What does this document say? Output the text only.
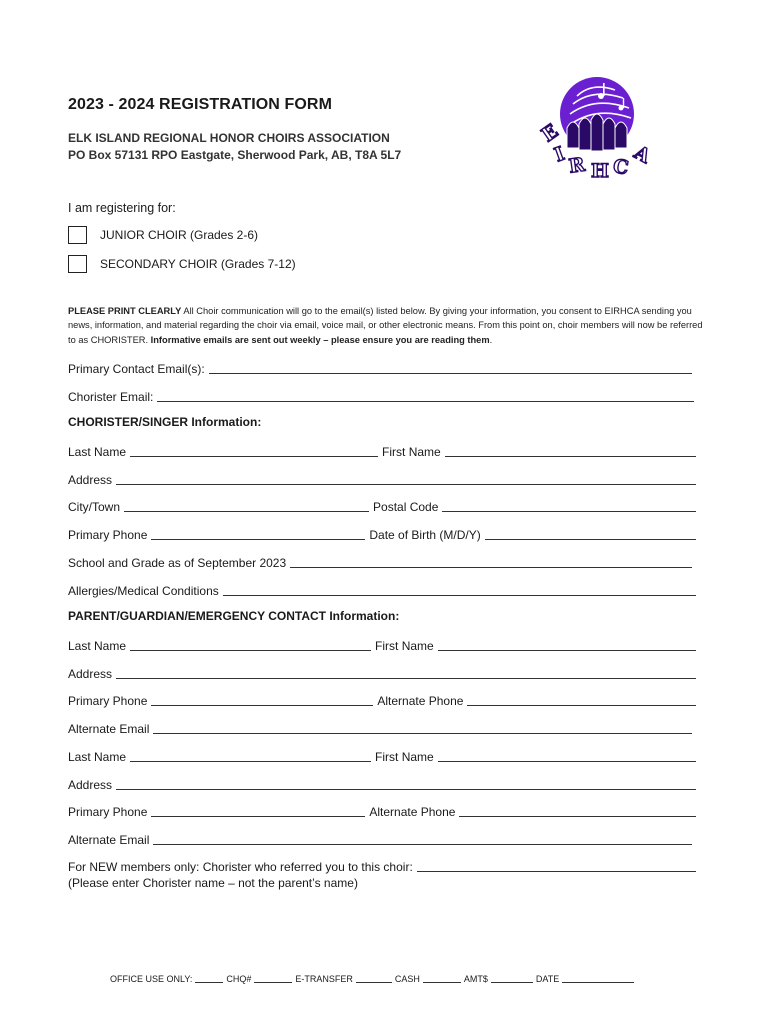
2023 - 2024 REGISTRATION FORM
ELK ISLAND REGIONAL HONOR CHOIRS ASSOCIATION
PO Box 57131 RPO Eastgate, Sherwood Park, AB, T8A 5L7
E
I R H C A
I am registering for:
JUNIOR CHOIR (Grades 2-6)
SECONDARY CHOIR (Grades 7-12)
PLEASE PRINT CLEARLY All Choir communication will go to the email(s) listed below. By giving your information, you consent to EIRHCA sending you news, information, and material regarding the choir via email, voice mail, or other electronic means. From this point on, choir members will now be referred to as CHORISTER. Informative emails are sent out weekly – please ensure you are reading them.
Primary Contact Email(s):
Chorister Email:
CHORISTER/SINGER Information:
Last Name	First Name
Address
City/Town	Postal Code
Primary Phone	Date of Birth (M/D/Y)
School and Grade as of September 2023
Allergies/Medical Conditions
PARENT/GUARDIAN/EMERGENCY CONTACT Information:
Last Name	First Name
Address
Primary Phone	Alternate Phone
Alternate Email
Last Name	First Name
Address
Primary Phone	Alternate Phone
Alternate Email
For NEW members only: Chorister who referred you to this choir:
(Please enter Chorister name – not the parent’s name)
OFFICE USE ONLY:	CHQ#	E-TRANSFER	CASH	AMT$	DATE
